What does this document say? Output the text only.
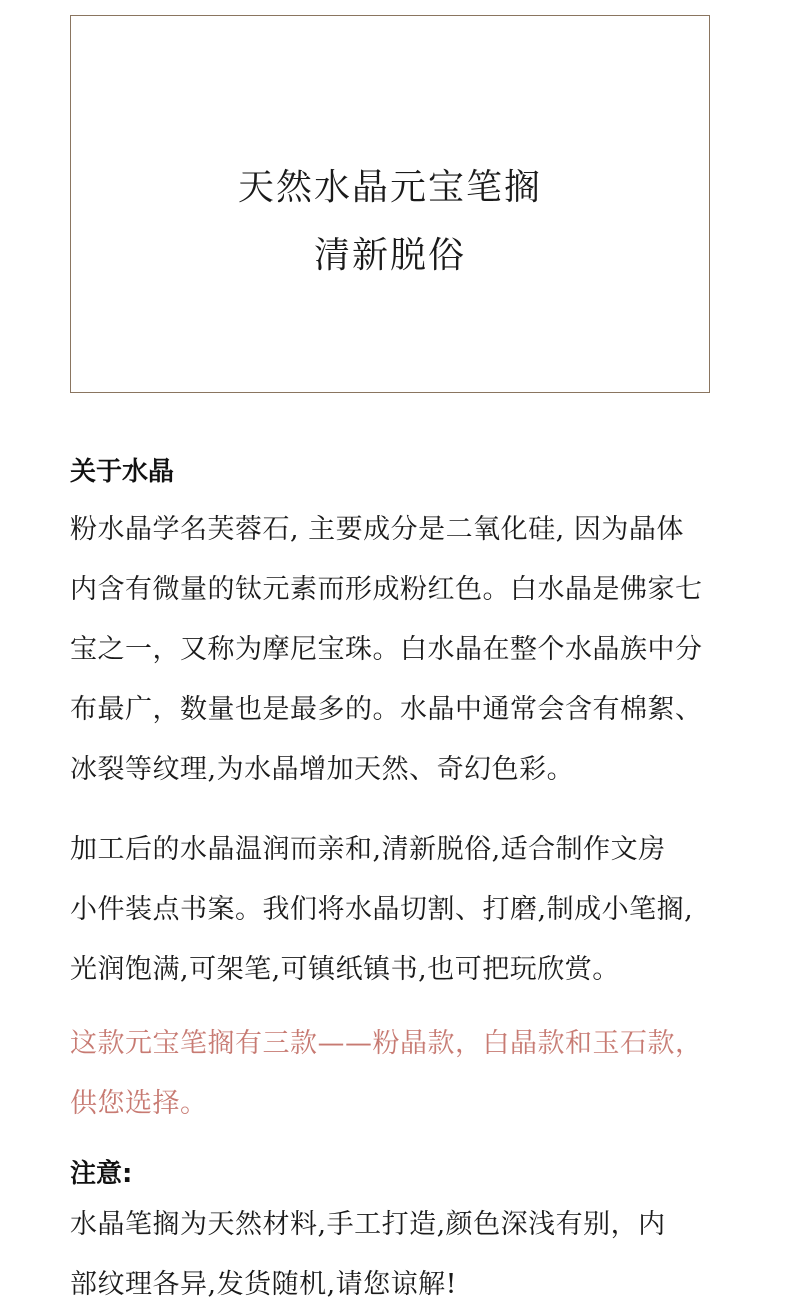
天然水晶元宝笔搁
清新脱俗
关于水晶
粉水晶学名芙蓉石, 主要成分是二氧化硅, 因为晶体
内含有微量的钛元素而形成粉红色。白水晶是佛家七
宝之一，又称为摩尼宝珠。白水晶在整个水晶族中分
布最广，数量也是最多的。水晶中通常会含有棉絮、
冰裂等纹理,为水晶增加天然、奇幻色彩。
加工后的水晶温润而亲和,清新脱俗,适合制作文房
小件装点书案。我们将水晶切割、打磨,制成小笔搁,
光润饱满,可架笔,可镇纸镇书,也可把玩欣赏。
这款元宝笔搁有三款——粉晶款，白晶款和玉石款，
供您选择。
注意:
水晶笔搁为天然材料,手工打造,颜色深浅有别，内
部纹理各异,发货随机,请您谅解!
